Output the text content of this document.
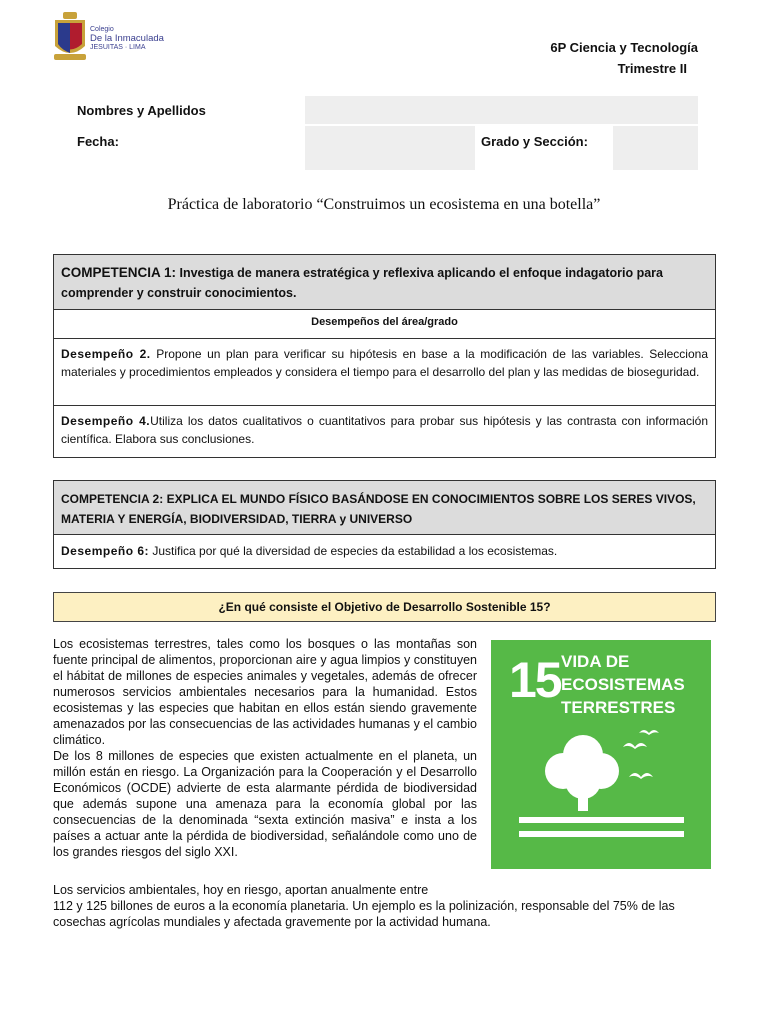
Colegio
De la Inmaculada
JESUITAS · LIMA	6P Ciencia y Tecnología
Trimestre II
Nombres y Apellidos
Fecha:	Grado y Sección:
Práctica de laboratorio “Construimos un ecosistema en una botella”
COMPETENCIA 1: Investiga de manera estratégica y reflexiva aplicando el enfoque indagatorio para comprender y construir conocimientos.
Desempeños del área/grado
Desempeño 2. Propone un plan para verificar su hipótesis en base a la modificación de las variables. Selecciona materiales y procedimientos empleados y considera el tiempo para el desarrollo del plan y las medidas de bioseguridad.
Desempeño 4.Utiliza los datos cualitativos o cuantitativos para probar sus hipótesis y las contrasta con información científica. Elabora sus conclusiones.
COMPETENCIA 2: EXPLICA EL MUNDO FÍSICO BASÁNDOSE EN CONOCIMIENTOS SOBRE LOS SERES VIVOS, MATERIA Y ENERGÍA, BIODIVERSIDAD, TIERRA y UNIVERSO
Desempeño 6: Justifica por qué la diversidad de especies da estabilidad a los ecosistemas.
¿En qué consiste el Objetivo de Desarrollo Sostenible 15?

Los ecosistemas terrestres, tales como los bosques o las montañas son fuente principal de alimentos, proporcionan aire y agua limpios y constituyen el hábitat de millones de especies animales y vegetales, además de ofrecer numerosos servicios ambientales necesarios para la humanidad. Estos ecosistemas y las especies que habitan en ellos están siendo gravemente amenazados por las consecuencias de las actividades humanas y el cambio climático.

De los 8 millones de especies que existen actualmente en el planeta, un millón están en riesgo. La Organización para la Cooperación y el Desarrollo Económicos (OCDE) advierte de esta alarmante pérdida de biodiversidad que además supone una amenaza para la economía global por las consecuencias de la denominada “sexta extinción masiva” e insta a los países a actuar ante la pérdida de biodiversidad, señalándole como uno de los grandes riesgos del siglo XXI.

Los servicios ambientales, hoy en riesgo, aportan anualmente entre

112 y 125 billones de euros a la economía planetaria. Un ejemplo es la polinización, responsable del 75% de las cosechas agrícolas mundiales y afectada gravemente por la actividad humana.

15 VIDA DE
ECOSISTEMAS
TERRESTRES
